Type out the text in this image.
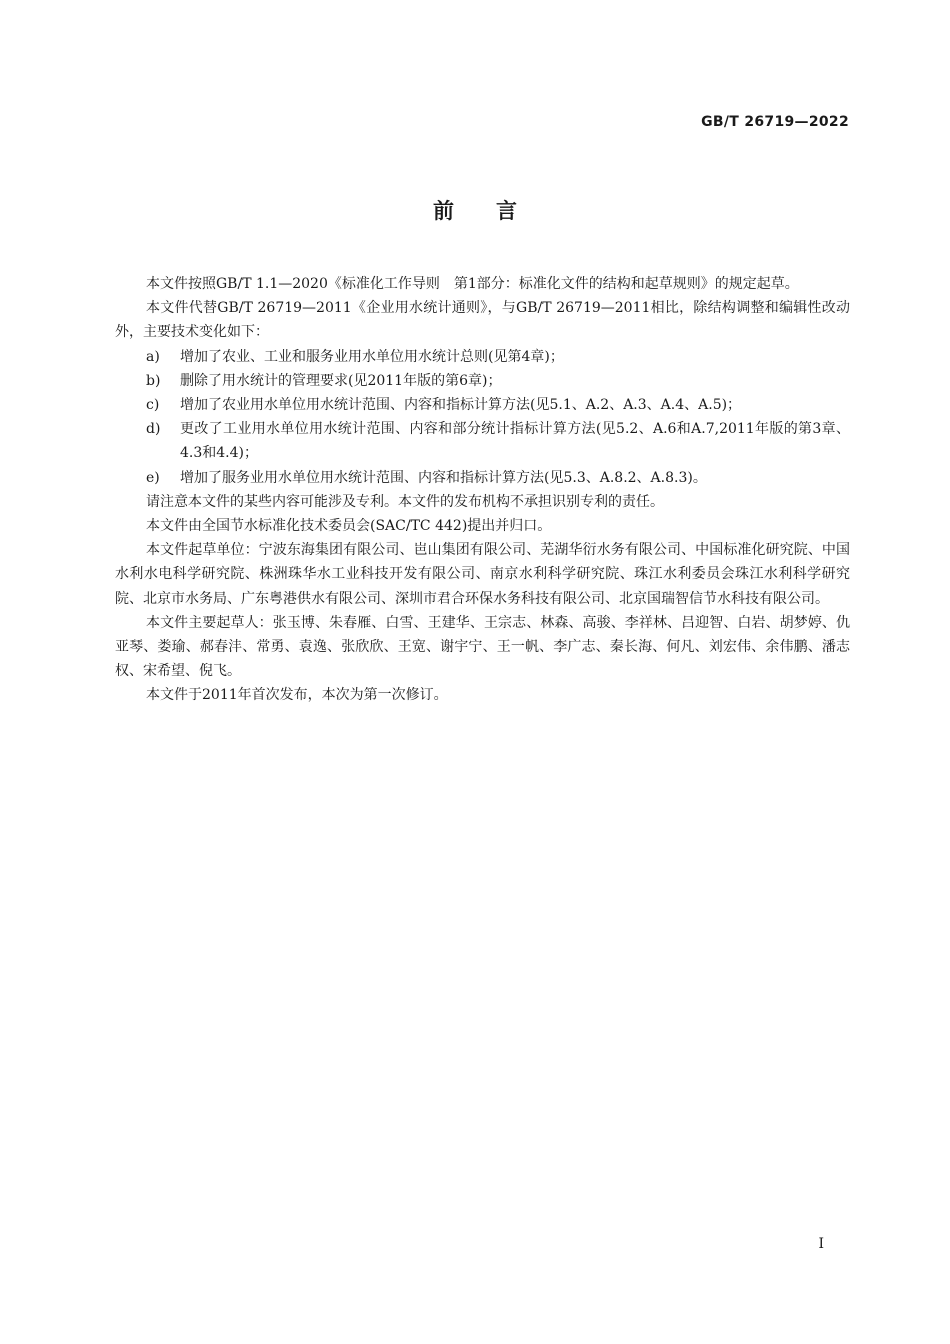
GB/T 26719—2022
前言

本文件按照GB/T 1.1—2020《标准化工作导则　第1部分：标准化文件的结构和起草规则》的规定起草。

本文件代替GB/T 26719—2011《企业用水统计通则》，与GB/T 26719—2011相比，除结构调整和编辑性改动外，主要技术变化如下：

a)	增加了农业、工业和服务业用水单位用水统计总则(见第4章)；
b)	删除了用水统计的管理要求(见2011年版的第6章)；
c)	增加了农业用水单位用水统计范围、内容和指标计算方法(见5.1、A.2、A.3、A.4、A.5)；
d)	更改了工业用水单位用水统计范围、内容和部分统计指标计算方法(见5.2、A.6和A.7,2011年版的第3章、4.3和4.4)；
e)	增加了服务业用水单位用水统计范围、内容和指标计算方法(见5.3、A.8.2、A.8.3)。

请注意本文件的某些内容可能涉及专利。本文件的发布机构不承担识别专利的责任。

本文件由全国节水标准化技术委员会(SAC/TC 442)提出并归口。

本文件起草单位：宁波东海集团有限公司、岜山集团有限公司、芜湖华衍水务有限公司、中国标准化研究院、中国水利水电科学研究院、株洲珠华水工业科技开发有限公司、南京水利科学研究院、珠江水利委员会珠江水利科学研究院、北京市水务局、广东粤港供水有限公司、深圳市君合环保水务科技有限公司、北京国瑞智信节水科技有限公司。

本文件主要起草人：张玉博、朱春雁、白雪、王建华、王宗志、林森、高骏、李祥林、吕迎智、白岩、胡梦婷、仇亚琴、娄瑜、郝春沣、常勇、袁逸、张欣欣、王宽、谢宇宁、王一帆、李广志、秦长海、何凡、刘宏伟、余伟鹏、潘志权、宋希望、倪飞。

本文件于2011年首次发布，本次为第一次修订。

I
